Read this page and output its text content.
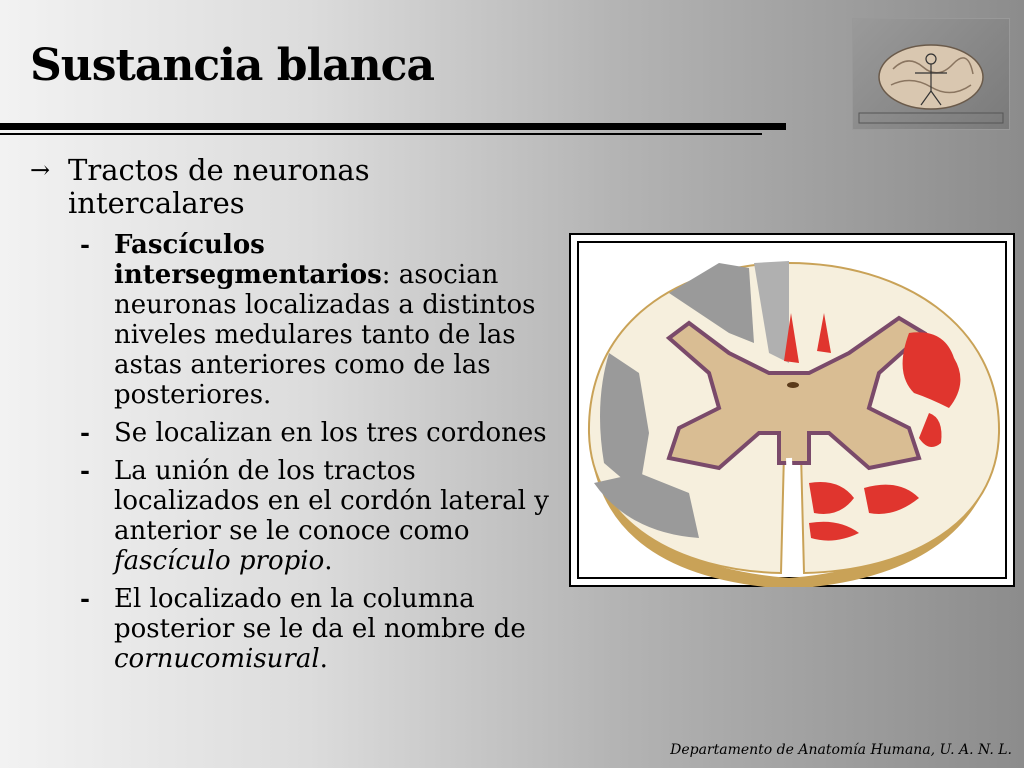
Sustancia blanca

→ Tractos de neuronas intercalares

- Fascículos intersegmentarios: asocian neuronas localizadas a distintos niveles medulares tanto de las astas anteriores como de las posteriores.
- Se localizan en los tres cordones
- La unión de los tractos localizados en el cordón lateral y anterior se le conoce como fascículo propio.
- El localizado en la columna posterior se le da el nombre de cornucomisural.
Departamento de Anatomía Humana, U. A. N. L.
